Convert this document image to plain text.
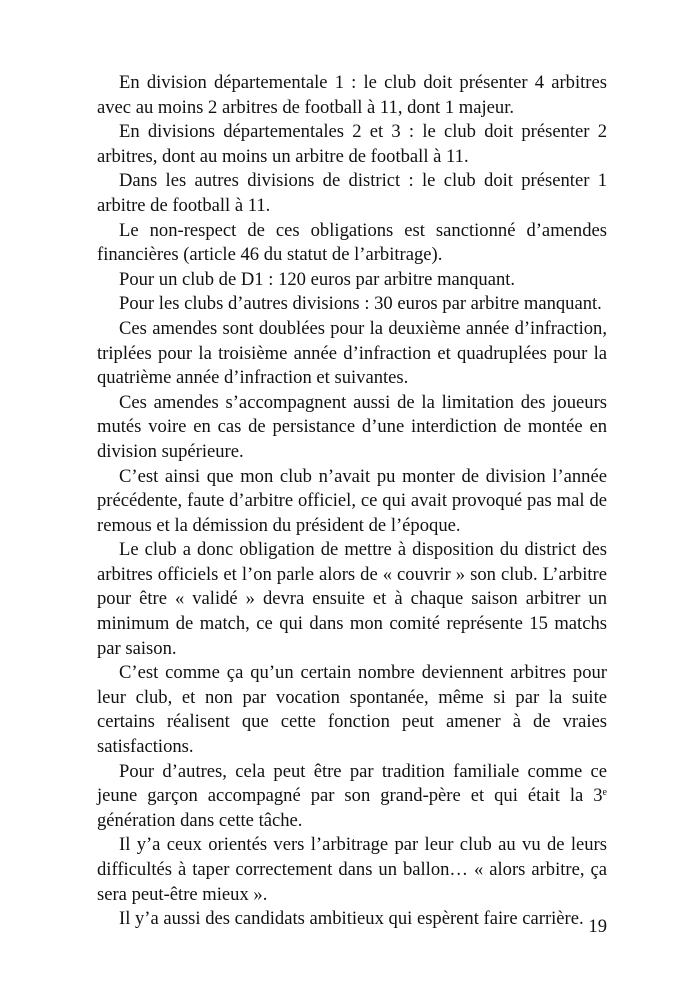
En division départementale 1 : le club doit présenter 4 arbitres avec au moins 2 arbitres de football à 11, dont 1 majeur.

En divisions départementales 2 et 3 : le club doit présenter 2 arbitres, dont au moins un arbitre de football à 11.

Dans les autres divisions de district : le club doit présenter 1 arbitre de football à 11.

Le non-respect de ces obligations est sanctionné d’amendes financières (article 46 du statut de l’arbitrage).

Pour un club de D1 : 120 euros par arbitre manquant.

Pour les clubs d’autres divisions : 30 euros par arbitre manquant.

Ces amendes sont doublées pour la deuxième année d’infraction, triplées pour la troisième année d’infraction et quadruplées pour la quatrième année d’infraction et suivantes.

Ces amendes s’accompagnent aussi de la limitation des joueurs mutés voire en cas de persistance d’une interdiction de montée en division supérieure.

C’est ainsi que mon club n’avait pu monter de division l’année précédente, faute d’arbitre officiel, ce qui avait provoqué pas mal de remous et la démission du président de l’époque.

Le club a donc obligation de mettre à disposition du district des arbitres officiels et l’on parle alors de « couvrir » son club. L’arbitre pour être « validé » devra ensuite et à chaque saison arbitrer un minimum de match, ce qui dans mon comité représente 15 matchs par saison.

C’est comme ça qu’un certain nombre deviennent arbitres pour leur club, et non par vocation spontanée, même si par la suite certains réalisent que cette fonction peut amener à de vraies satisfactions.

Pour d’autres, cela peut être par tradition familiale comme ce jeune garçon accompagné par son grand-père et qui était la 3e génération dans cette tâche.

Il y’a ceux orientés vers l’arbitrage par leur club au vu de leurs difficultés à taper correctement dans un ballon… « alors arbitre, ça sera peut-être mieux ».

Il y’a aussi des candidats ambitieux qui espèrent faire carrière. 19
